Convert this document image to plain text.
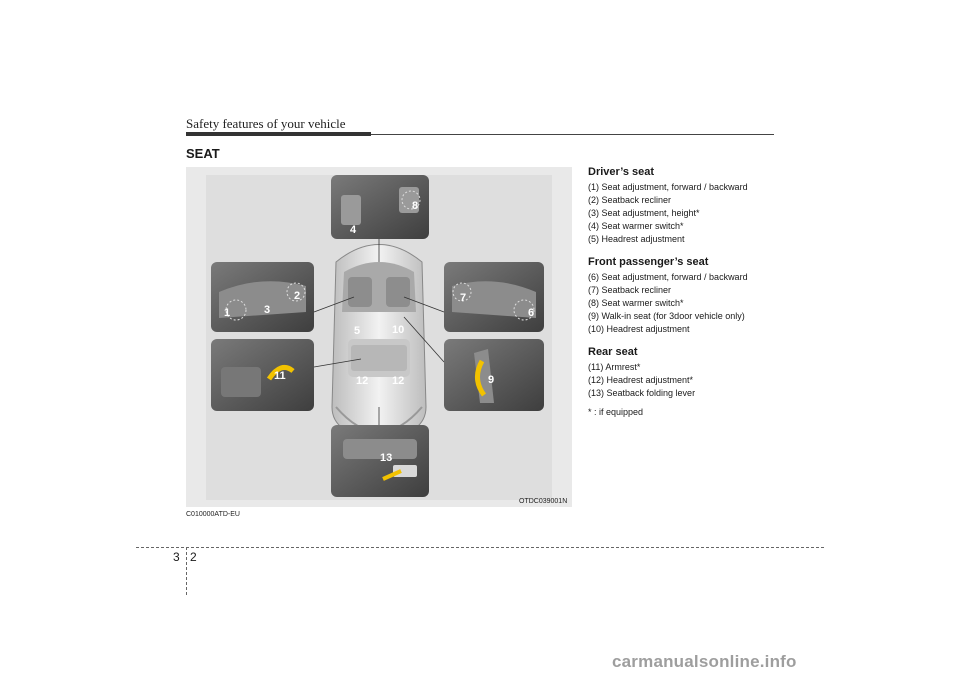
Safety features of your vehicle
SEAT
1
2
3
4
5
6
7
8
9
10
11	12 12
13
OTDC039001N
C010000ATD-EU

Driver’s seat

(1) Seat adjustment, forward / backward

(2) Seatback recliner

(3) Seat adjustment, height*

(4) Seat warmer switch*

(5) Headrest adjustment

Front passenger’s seat

(6) Seat adjustment, forward / backward

(7) Seatback recliner

(8) Seat warmer switch*

(9) Walk-in seat (for 3door vehicle only)

(10) Headrest adjustment

Rear seat

(11) Armrest*

(12) Headrest adjustment*

(13) Seatback folding lever

* : if equipped

3 2
carmanualsonline.info
